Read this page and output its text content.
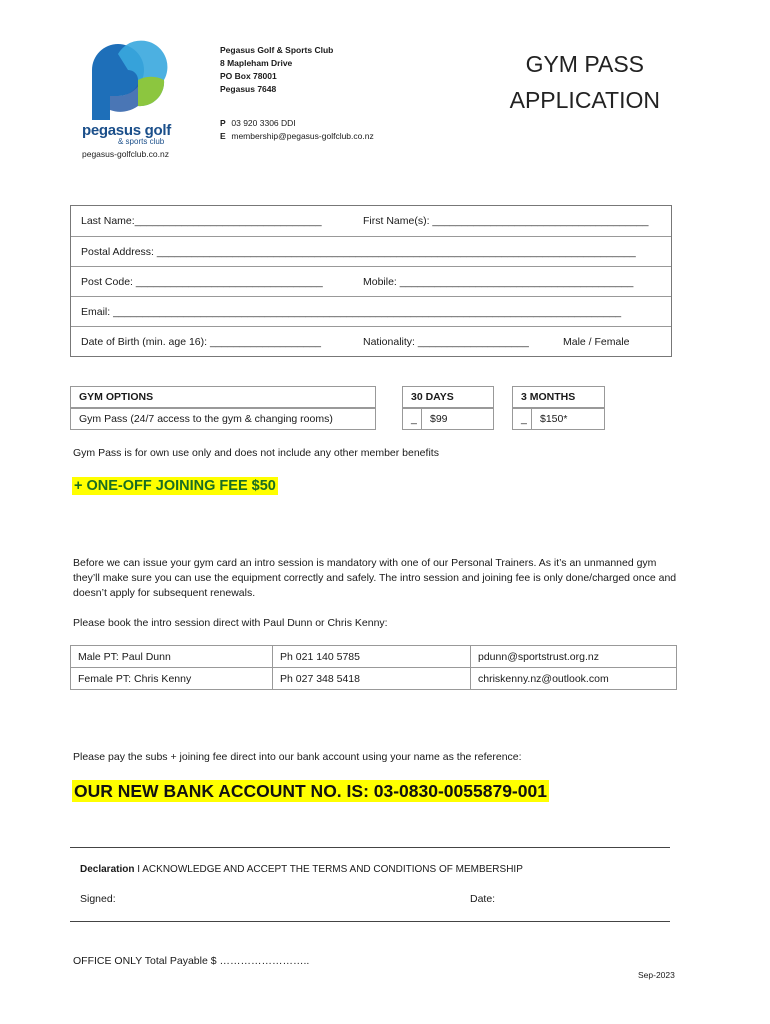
pegasus golf
& sports club
pegasus-golfclub.co.nz
Pegasus Golf & Sports Club
8 Mapleham Drive
PO Box 78001
Pegasus 7648
P 03 920 3306 DDI
E membership@pegasus-golfclub.co.nz
GYM PASS
APPLICATION
Last Name:________________________________	First Name(s): _____________________________________
Postal Address: __________________________________________________________________________________
Post Code: ________________________________	Mobile: ________________________________________
Email: _______________________________________________________________________________________
Date of Birth (min. age 16): ___________________	Nationality: ___________________	Male / Female
GYM OPTIONS
Gym Pass (24/7 access to the gym & changing rooms)
30 DAYS
_	$99
3 MONTHS
_	$150*
Gym Pass is for own use only and does not include any other member benefits
+ ONE-OFF JOINING FEE $50
Before we can issue your gym card an intro session is mandatory with one of our Personal Trainers. As it’s an unmanned gym they’ll make sure you can use the equipment correctly and safely. The intro session and joining fee is only done/charged once and doesn’t apply for subsequent renewals.
Please book the intro session direct with Paul Dunn or Chris Kenny:
Male PT: Paul Dunn	Ph 021 140 5785	pdunn@sportstrust.org.nz
Female PT: Chris Kenny	Ph 027 348 5418	chriskenny.nz@outlook.com
Please pay the subs + joining fee direct into our bank account using your name as the reference:
OUR NEW BANK ACCOUNT NO. IS: 03-0830-0055879-001
Declaration I ACKNOWLEDGE AND ACCEPT THE TERMS AND CONDITIONS OF MEMBERSHIP
Signed:	Date:
OFFICE ONLY Total Payable $ ……………………..
Sep-2023
